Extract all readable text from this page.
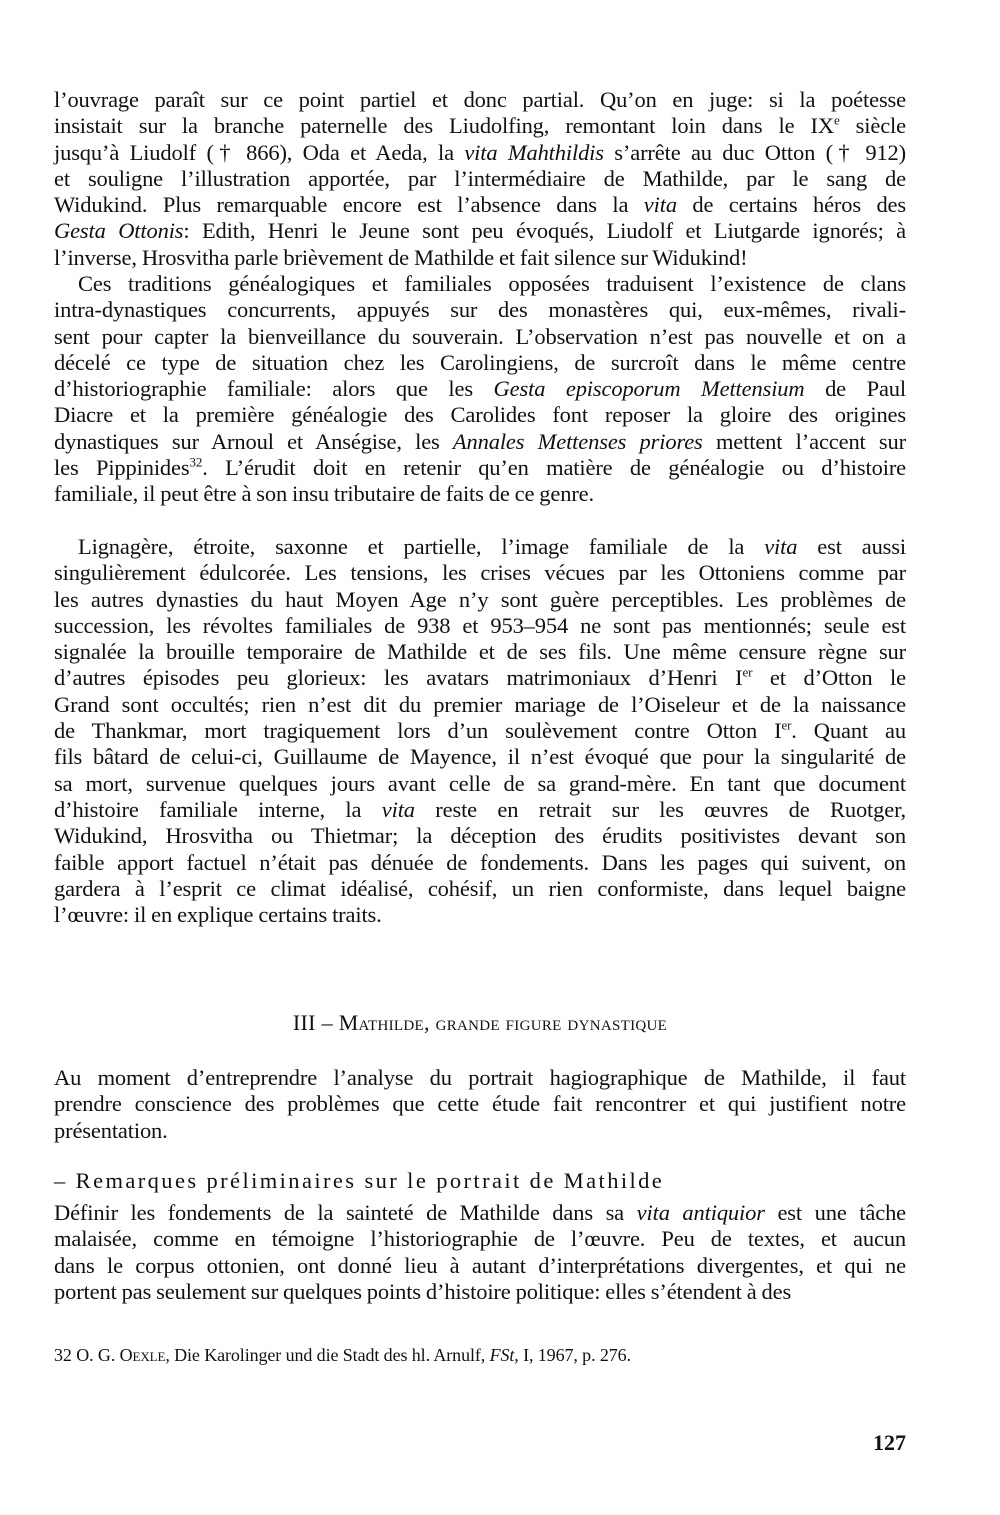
l’ouvrage paraît sur ce point partiel et donc partial. Qu’on en juge: si la poétesse
insistait sur la branche paternelle des Liudolfing, remontant loin dans le IXe siècle
jusqu’à Liudolf († 866), Oda et Aeda, la vita Mahthildis s’arrête au duc Otton († 912)
et souligne l’illustration apportée, par l’intermédiaire de Mathilde, par le sang de
Widukind. Plus remarquable encore est l’absence dans la vita de certains héros des
Gesta Ottonis: Edith, Henri le Jeune sont peu évoqués, Liudolf et Liutgarde ignorés; à
l’inverse, Hrosvitha parle brièvement de Mathilde et fait silence sur Widukind!
Ces traditions généalogiques et familiales opposées traduisent l’existence de clans
intra-dynastiques concurrents, appuyés sur des monastères qui, eux-mêmes, rivali-
sent pour capter la bienveillance du souverain. L’observation n’est pas nouvelle et on a
décelé ce type de situation chez les Carolingiens, de surcroît dans le même centre
d’historiographie familiale: alors que les Gesta episcoporum Mettensium de Paul
Diacre et la première généalogie des Carolides font reposer la gloire des origines
dynastiques sur Arnoul et Anségise, les Annales Mettenses priores mettent l’accent sur
les Pippinides$^{32}$. L’érudit doit en retenir qu’en matière de généalogie ou d’histoire
familiale, il peut être à son insu tributaire de faits de ce genre.
Lignagère, étroite, saxonne et partielle, l’image familiale de la vita est aussi
singulièrement édulcorée. Les tensions, les crises vécues par les Ottoniens comme par
les autres dynasties du haut Moyen Age n’y sont guère perceptibles. Les problèmes de
succession, les révoltes familiales de 938 et 953–954 ne sont pas mentionnés; seule est
signalée la brouille temporaire de Mathilde et de ses fils. Une même censure règne sur
d’autres épisodes peu glorieux: les avatars matrimoniaux d’Henri Ier et d’Otton le
Grand sont occultés; rien n’est dit du premier mariage de l’Oiseleur et de la naissance
de Thankmar, mort tragiquement lors d’un soulèvement contre Otton Ier. Quant au
fils bâtard de celui-ci, Guillaume de Mayence, il n’est évoqué que pour la singularité de
sa mort, survenue quelques jours avant celle de sa grand-mère. En tant que document
d’histoire familiale interne, la vita reste en retrait sur les œuvres de Ruotger,
Widukind, Hrosvitha ou Thietmar; la déception des érudits positivistes devant son
faible apport factuel n’était pas dénuée de fondements. Dans les pages qui suivent, on
gardera à l’esprit ce climat idéalisé, cohésif, un rien conformiste, dans lequel baigne
l’œuvre: il en explique certains traits.
III – Mathilde, grande figure dynastique
Au moment d’entreprendre l’analyse du portrait hagiographique de Mathilde, il faut
prendre conscience des problèmes que cette étude fait rencontrer et qui justifient notre
présentation.
– Remarques préliminaires sur le portrait de Mathilde
Définir les fondements de la sainteté de Mathilde dans sa vita antiquior est une tâche
malaisée, comme en témoigne l’historiographie de l’œuvre. Peu de textes, et aucun
dans le corpus ottonien, ont donné lieu à autant d’interprétations divergentes, et qui ne
portent pas seulement sur quelques points d’histoire politique: elles s’étendent à des
32 O. G. Oexle, Die Karolinger und die Stadt des hl. Arnulf, FSt, I, 1967, p. 276.
127
